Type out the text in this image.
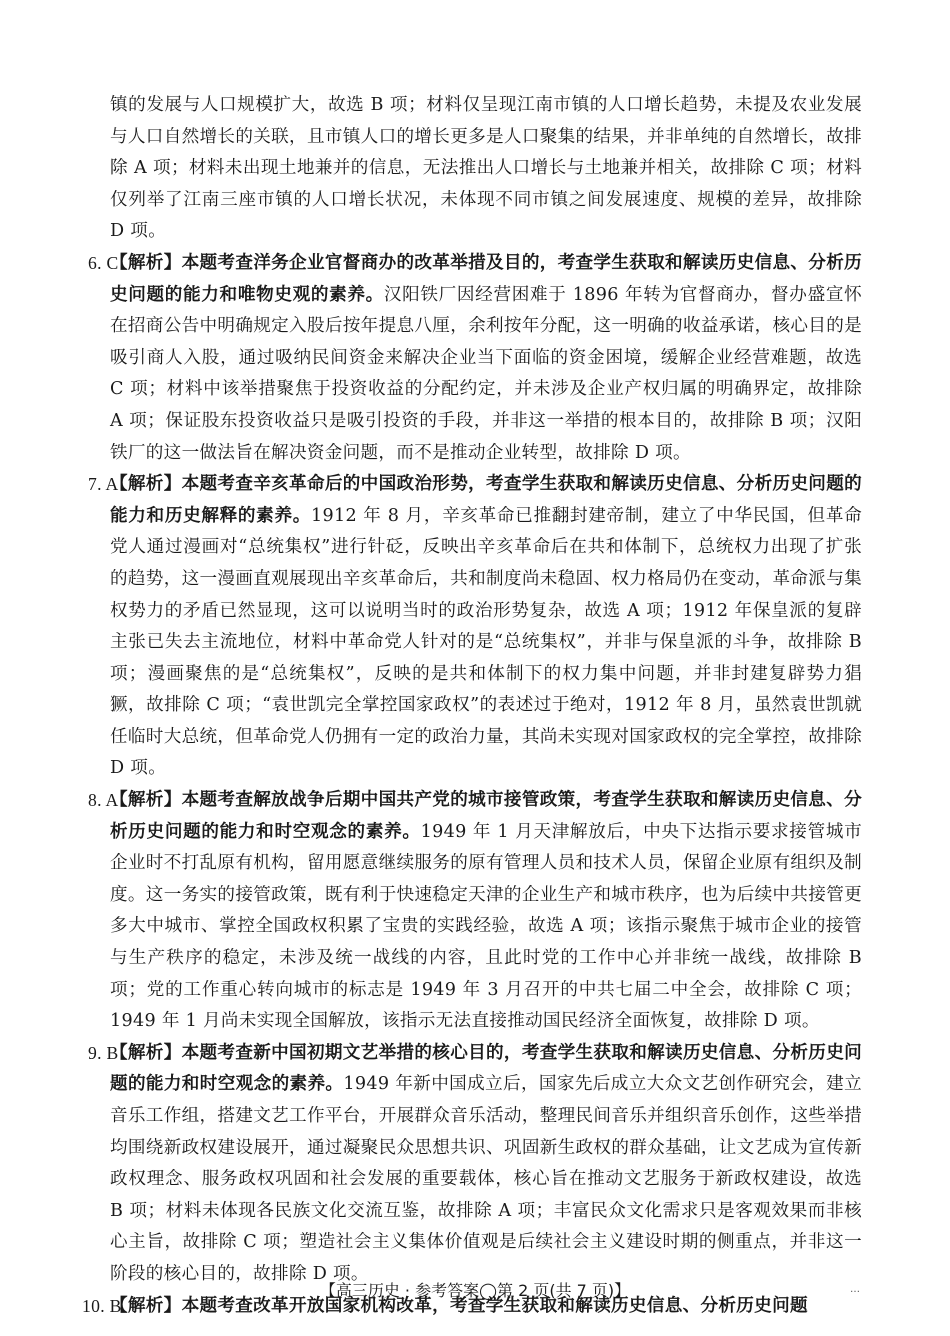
镇的发展与人口规模扩大，故选 B 项；材料仅呈现江南市镇的人口增长趋势，未提及农业发展与人口自然增长的关联，且市镇人口的增长更多是人口聚集的结果，并非单纯的自然增长，故排除 A 项；材料未出现土地兼并的信息，无法推出人口增长与土地兼并相关，故排除 C 项；材料仅列举了江南三座市镇的人口增长状况，未体现不同市镇之间发展速度、规模的差异，故排除 D 项。

6. C
【解析】本题考查洋务企业官督商办的改革举措及目的，考查学生获取和解读历史信息、分析历史问题的能力和唯物史观的素养。汉阳铁厂因经营困难于 1896 年转为官督商办，督办盛宣怀在招商公告中明确规定入股后按年提息八厘，余利按年分配，这一明确的收益承诺，核心目的是吸引商人入股，通过吸纳民间资金来解决企业当下面临的资金困境，缓解企业经营难题，故选 C 项；材料中该举措聚焦于投资收益的分配约定，并未涉及企业产权归属的明确界定，故排除 A 项；保证股东投资收益只是吸引投资的手段，并非这一举措的根本目的，故排除 B 项；汉阳铁厂的这一做法旨在解决资金问题，而不是推动企业转型，故排除 D 项。

7. A
【解析】本题考查辛亥革命后的中国政治形势，考查学生获取和解读历史信息、分析历史问题的能力和历史解释的素养。1912 年 8 月，辛亥革命已推翻封建帝制，建立了中华民国，但革命党人通过漫画对“总统集权”进行针砭，反映出辛亥革命后在共和体制下，总统权力出现了扩张的趋势，这一漫画直观展现出辛亥革命后，共和制度尚未稳固、权力格局仍在变动，革命派与集权势力的矛盾已然显现，这可以说明当时的政治形势复杂，故选 A 项；1912 年保皇派的复辟主张已失去主流地位，材料中革命党人针对的是“总统集权”，并非与保皇派的斗争，故排除 B 项；漫画聚焦的是“总统集权”，反映的是共和体制下的权力集中问题，并非封建复辟势力猖獗，故排除 C 项；“袁世凯完全掌控国家政权”的表述过于绝对，1912 年 8 月，虽然袁世凯就任临时大总统，但革命党人仍拥有一定的政治力量，其尚未实现对国家政权的完全掌控，故排除 D 项。

8. A
【解析】本题考查解放战争后期中国共产党的城市接管政策，考查学生获取和解读历史信息、分析历史问题的能力和时空观念的素养。1949 年 1 月天津解放后，中央下达指示要求接管城市企业时不打乱原有机构，留用愿意继续服务的原有管理人员和技术人员，保留企业原有组织及制度。这一务实的接管政策，既有利于快速稳定天津的企业生产和城市秩序，也为后续中共接管更多大中城市、掌控全国政权积累了宝贵的实践经验，故选 A 项；该指示聚焦于城市企业的接管与生产秩序的稳定，未涉及统一战线的内容，且此时党的工作中心并非统一战线，故排除 B 项；党的工作重心转向城市的标志是 1949 年 3 月召开的中共七届二中全会，故排除 C 项；1949 年 1 月尚未实现全国解放，该指示无法直接推动国民经济全面恢复，故排除 D 项。

9. B
【解析】本题考查新中国初期文艺举措的核心目的，考查学生获取和解读历史信息、分析历史问题的能力和时空观念的素养。1949 年新中国成立后，国家先后成立大众文艺创作研究会，建立音乐工作组，搭建文艺工作平台，开展群众音乐活动，整理民间音乐并组织音乐创作，这些举措均围绕新政权建设展开，通过凝聚民众思想共识、巩固新生政权的群众基础，让文艺成为宣传新政权理念、服务政权巩固和社会发展的重要载体，核心旨在推动文艺服务于新政权建设，故选 B 项；材料未体现各民族文化交流互鉴，故排除 A 项；丰富民众文化需求只是客观效果而非核心主旨，故排除 C 项；塑造社会主义集体价值观是后续社会主义建设时期的侧重点，并非这一阶段的核心目的，故排除 D 项。

10. B
【解析】本题考查改革开放国家机构改革，考查学生获取和解读历史信息、分析历史问题

【高三历史 · 参考答案◯第 2 页(共 7 页)】	…
